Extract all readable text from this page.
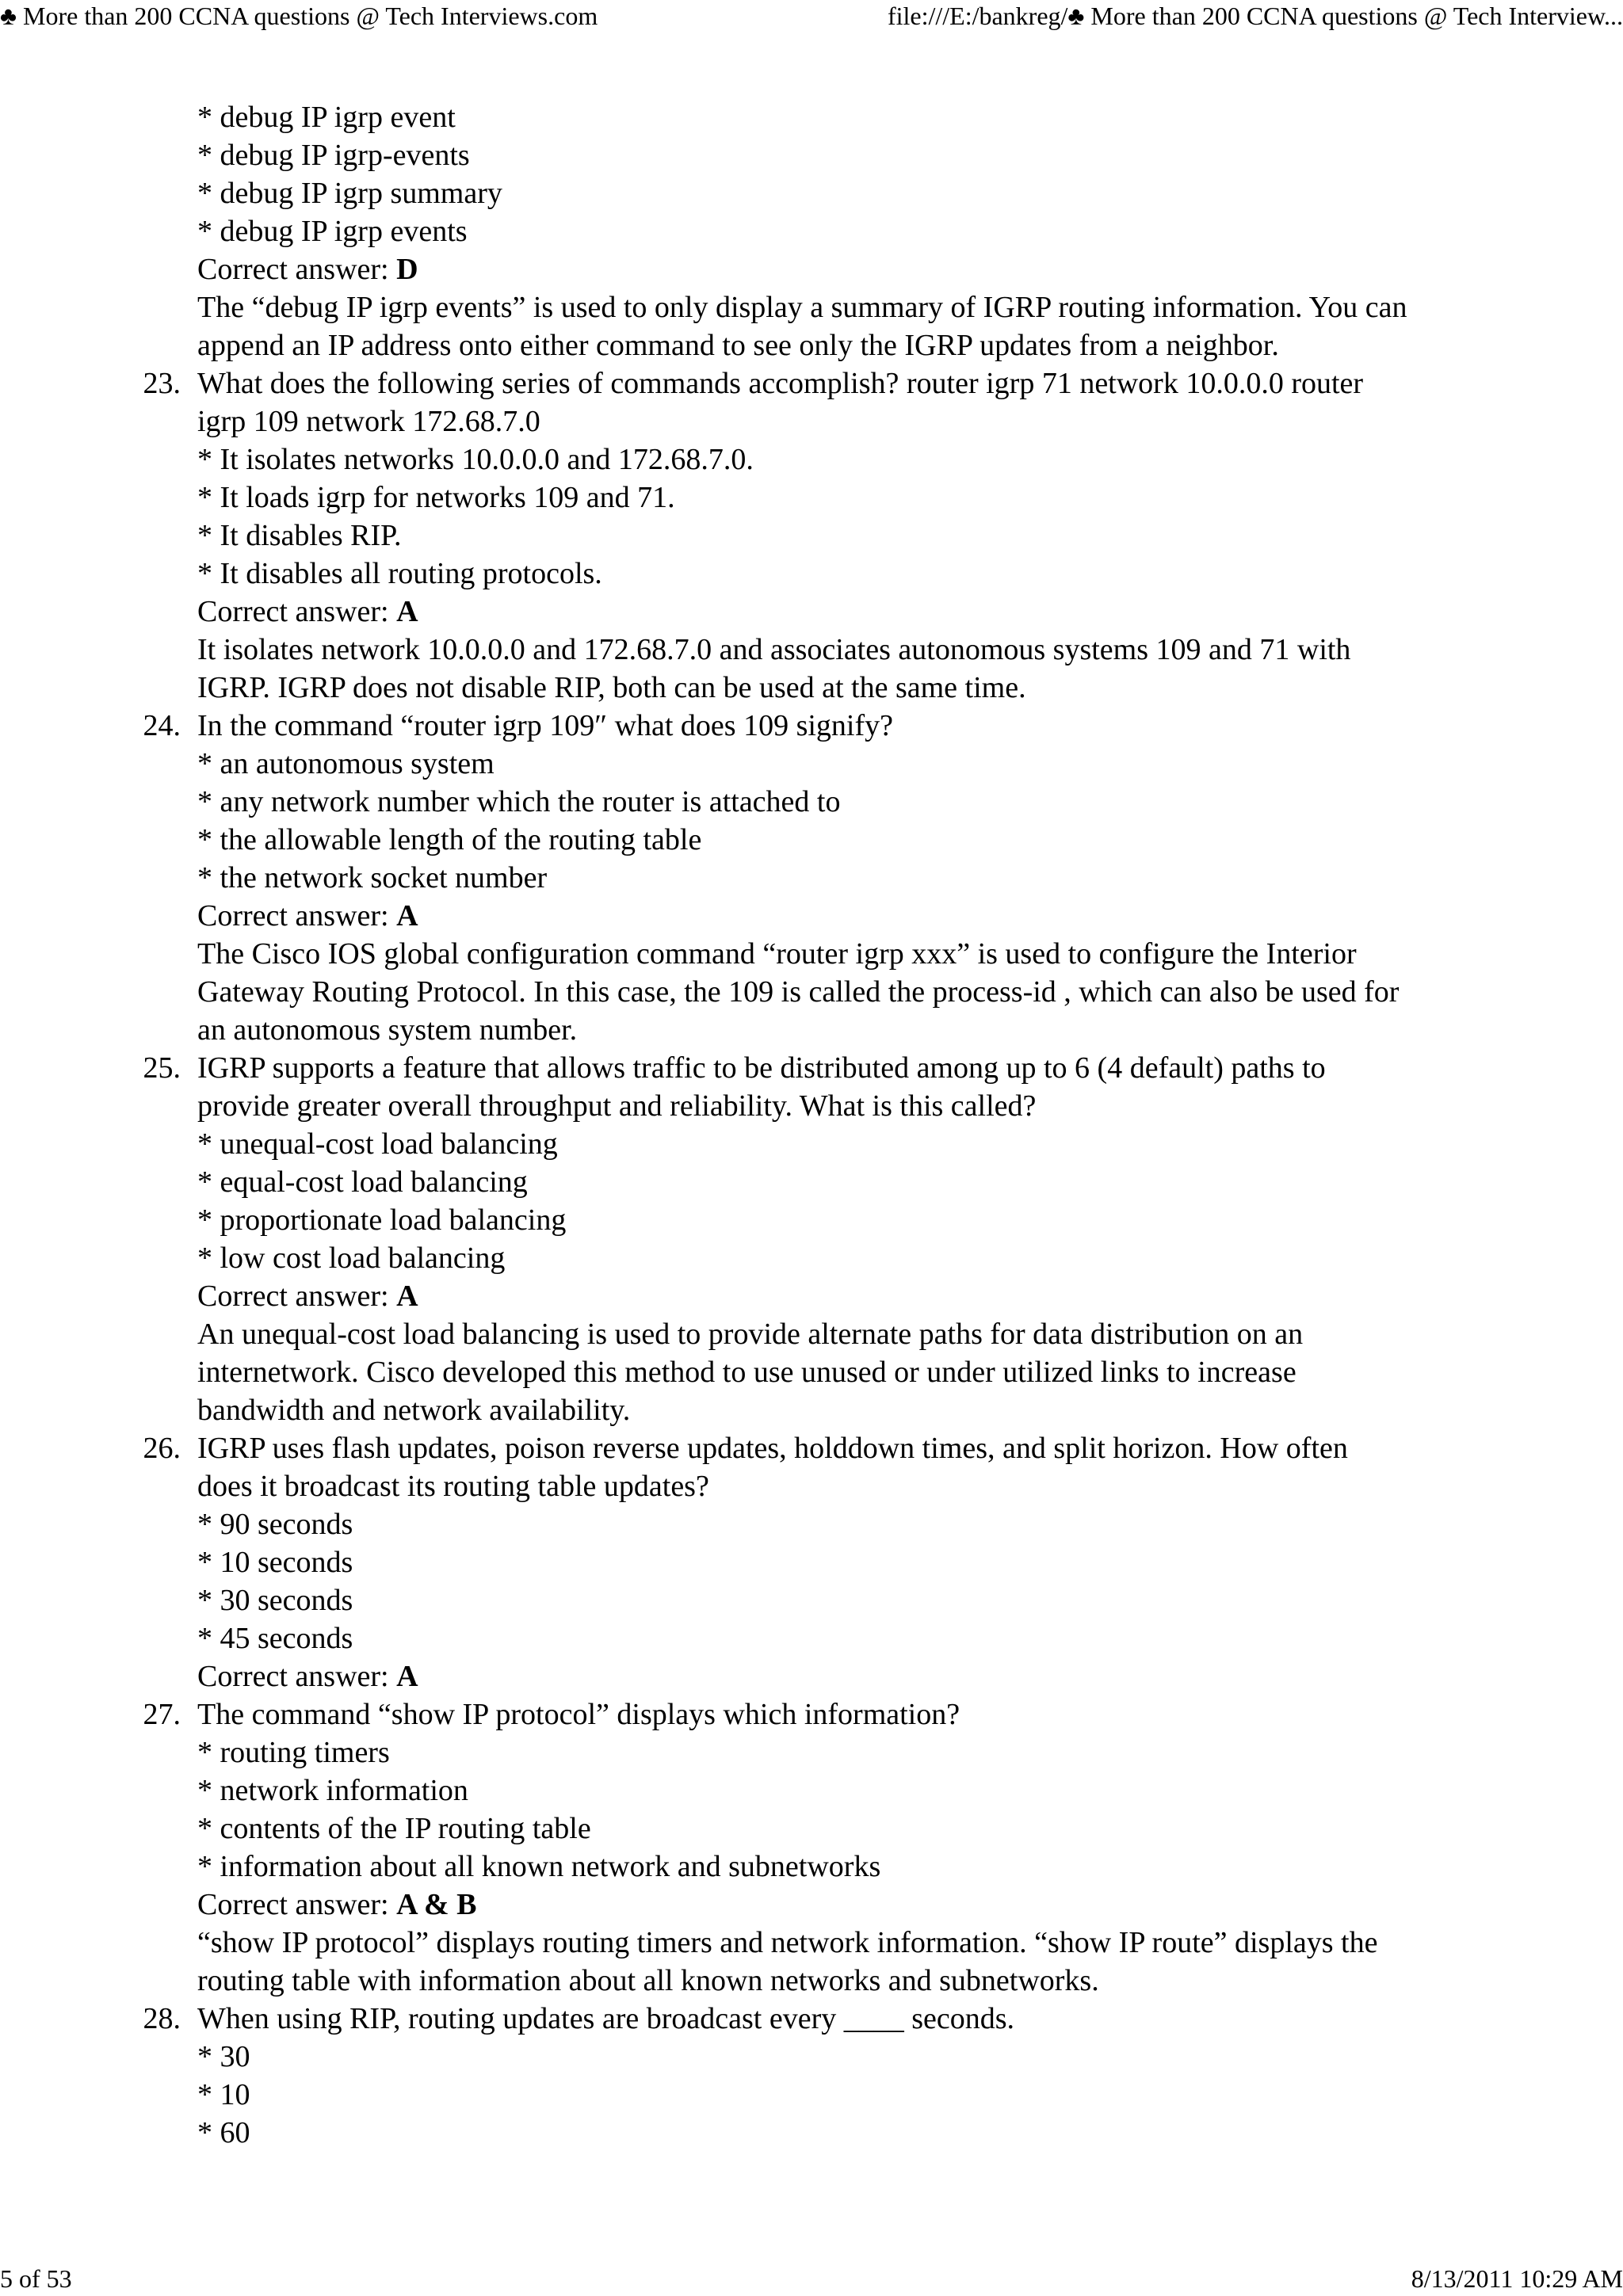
♣ More than 200 CCNA questions @ Tech Interviews.com	file:///E:/bankreg/♣ More than 200 CCNA questions @ Tech Interview...
* debug IP igrp event
* debug IP igrp-events
* debug IP igrp summary
* debug IP igrp events
Correct answer: D
The “debug IP igrp events” is used to only display a summary of IGRP routing information. You can
append an IP address onto either command to see only the IGRP updates from a neighbor.
23. What does the following series of commands accomplish? router igrp 71 network 10.0.0.0 router
igrp 109 network 172.68.7.0
* It isolates networks 10.0.0.0 and 172.68.7.0.
* It loads igrp for networks 109 and 71.
* It disables RIP.
* It disables all routing protocols.
Correct answer: A
It isolates network 10.0.0.0 and 172.68.7.0 and associates autonomous systems 109 and 71 with
IGRP. IGRP does not disable RIP, both can be used at the same time.
24. In the command “router igrp 109″ what does 109 signify?
* an autonomous system
* any network number which the router is attached to
* the allowable length of the routing table
* the network socket number
Correct answer: A
The Cisco IOS global configuration command “router igrp xxx” is used to configure the Interior
Gateway Routing Protocol. In this case, the 109 is called the process-id , which can also be used for
an autonomous system number.
25. IGRP supports a feature that allows traffic to be distributed among up to 6 (4 default) paths to
provide greater overall throughput and reliability. What is this called?
* unequal-cost load balancing
* equal-cost load balancing
* proportionate load balancing
* low cost load balancing
Correct answer: A
An unequal-cost load balancing is used to provide alternate paths for data distribution on an
internetwork. Cisco developed this method to use unused or under utilized links to increase
bandwidth and network availability.
26. IGRP uses flash updates, poison reverse updates, holddown times, and split horizon. How often
does it broadcast its routing table updates?
* 90 seconds
* 10 seconds
* 30 seconds
* 45 seconds
Correct answer: A
27. The command “show IP protocol” displays which information?
* routing timers
* network information
* contents of the IP routing table
* information about all known network and subnetworks
Correct answer: A & B
“show IP protocol” displays routing timers and network information. “show IP route” displays the
routing table with information about all known networks and subnetworks.
28. When using RIP, routing updates are broadcast every ____ seconds.
* 30
* 10
* 60
5 of 53	8/13/2011 10:29 AM
